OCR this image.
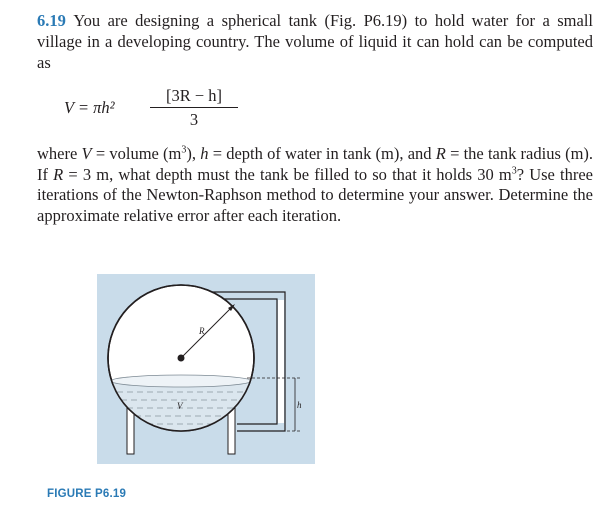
6.19 You are designing a spherical tank (Fig. P6.19) to hold water for a small village in a developing country. The volume of liquid it can hold can be computed as

$V = \pi h^2 \frac{[3R - h]}{3}$

where V = volume $(m^3)$, h = depth of water in tank (m), and R = the tank radius (m). If R = 3 m, what depth must the tank be filled to so that it holds 30 $m^3$? Use three iterations of the Newton-Raphson method to determine your answer. Determine the approximate relative error after each iteration.

R
V	h
FIGURE P6.19
